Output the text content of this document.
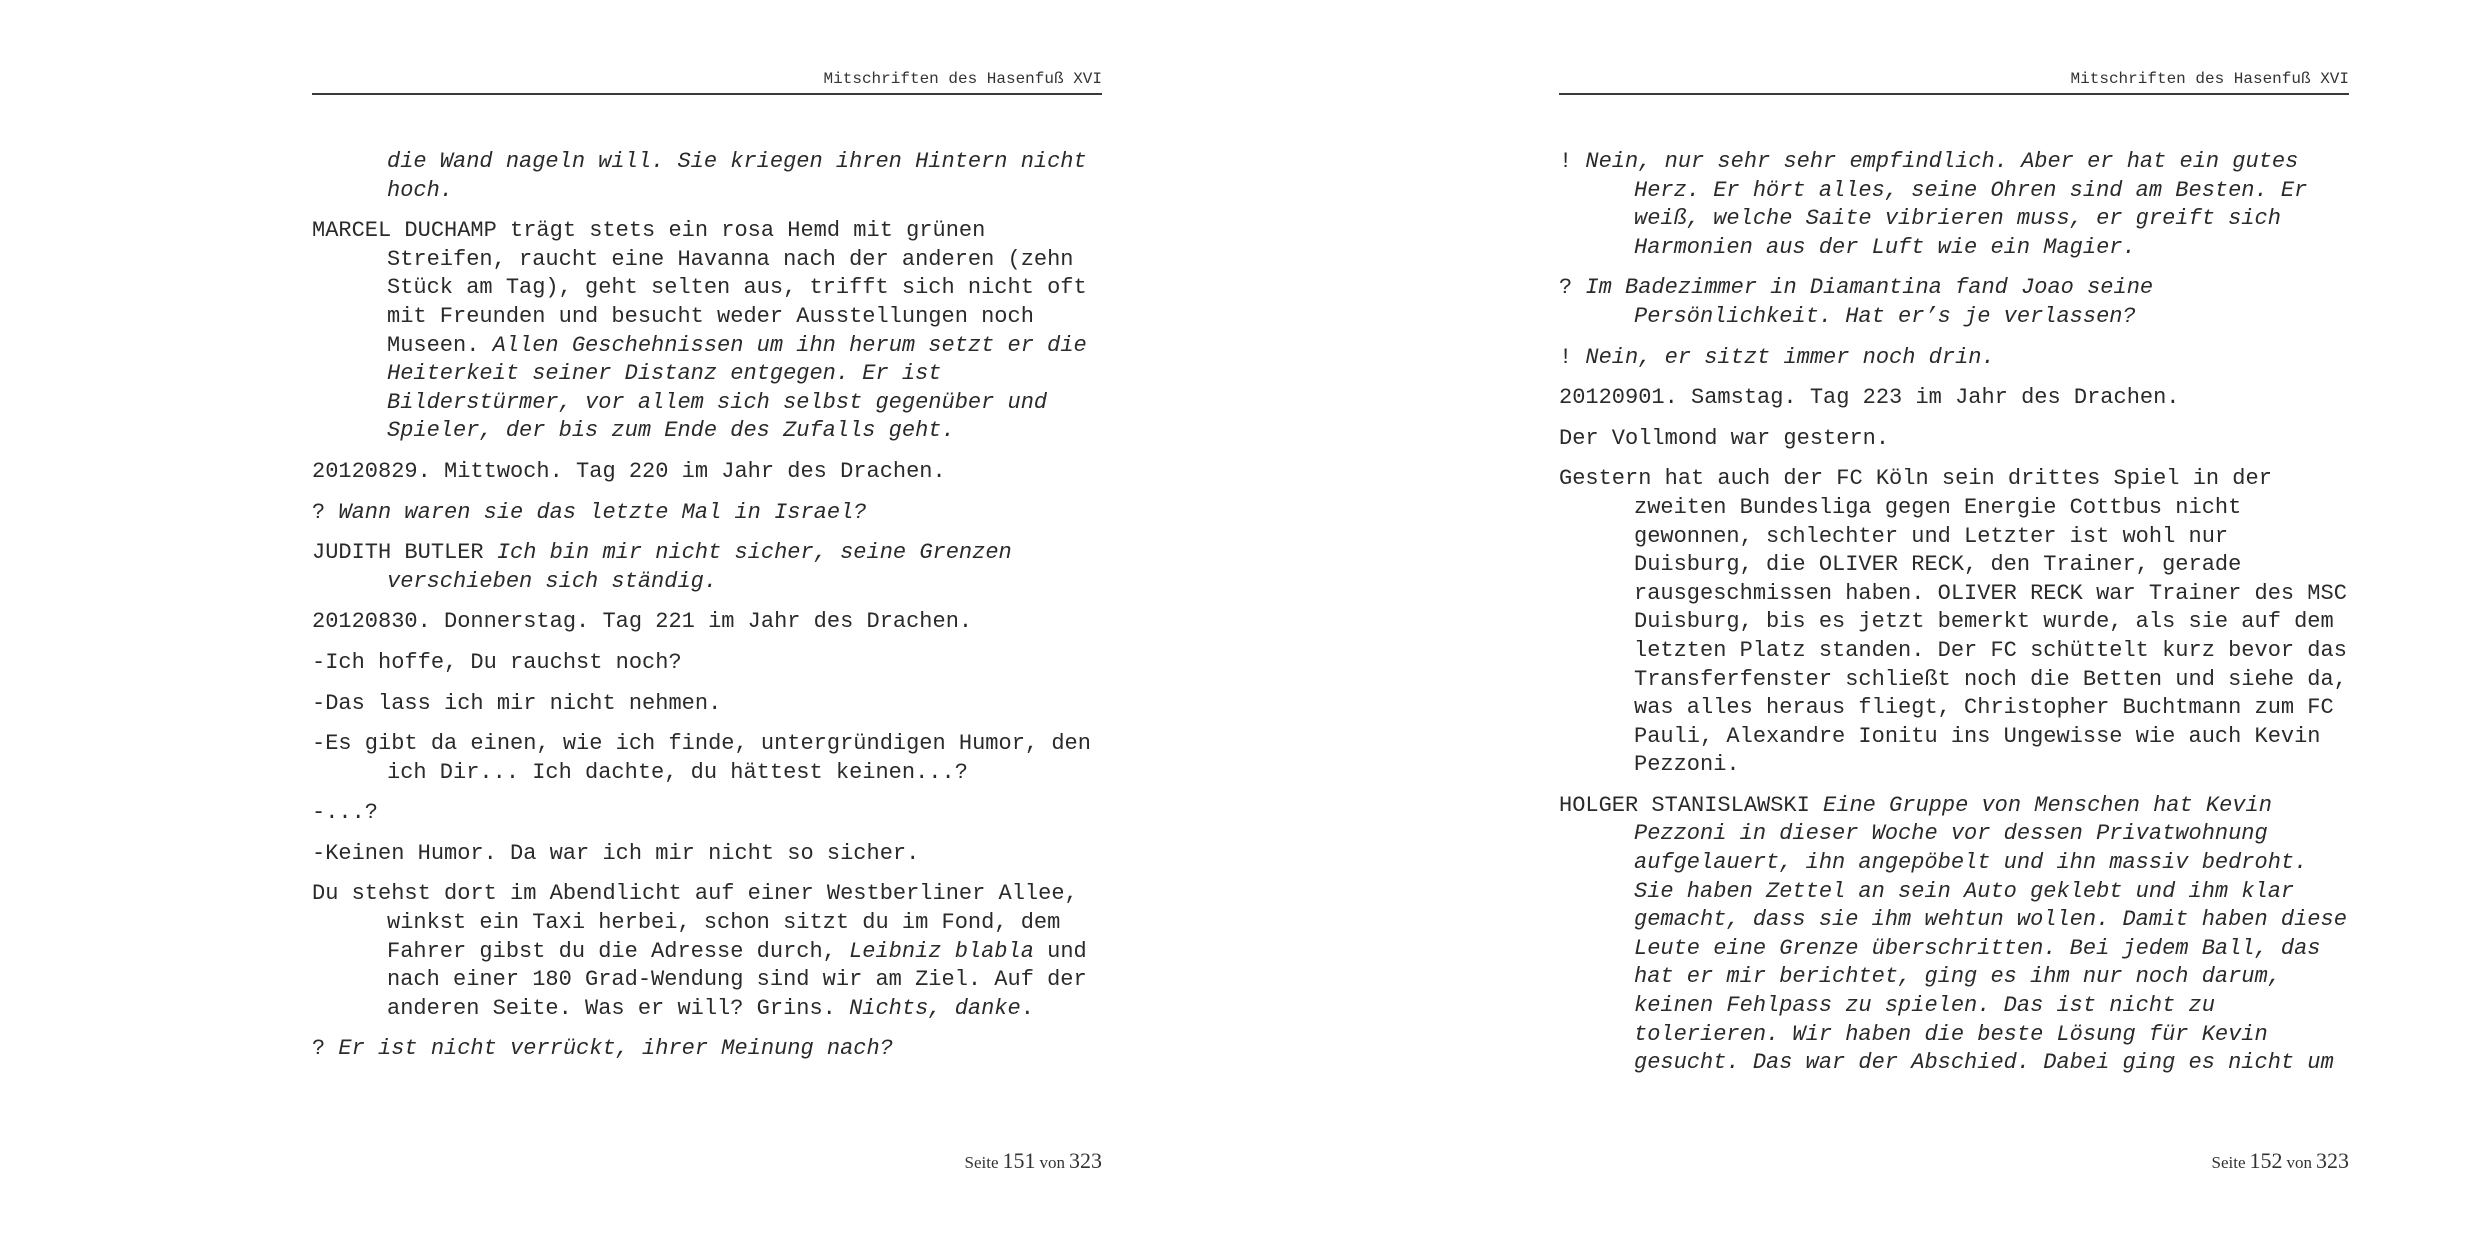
Mitschriften des Hasenfuß XVI

die Wand nageln will. Sie kriegen ihren Hintern nicht hoch.

MARCEL DUCHAMP trägt stets ein rosa Hemd mit grünen Streifen, raucht eine Havanna nach der anderen (zehn Stück am Tag), geht selten aus, trifft sich nicht oft mit Freunden und besucht weder Ausstellungen noch Museen. Allen Geschehnissen um ihn herum setzt er die Heiterkeit seiner Distanz entgegen. Er ist Bilderstürmer, vor allem sich selbst gegenüber und Spieler, der bis zum Ende des Zufalls geht.

20120829. Mittwoch. Tag 220 im Jahr des Drachen.

? Wann waren sie das letzte Mal in Israel?

JUDITH BUTLER Ich bin mir nicht sicher, seine Grenzen verschieben sich ständig.

20120830. Donnerstag. Tag 221 im Jahr des Drachen.

-Ich hoffe, Du rauchst noch?

-Das lass ich mir nicht nehmen.

-Es gibt da einen, wie ich finde, untergründigen Humor, den ich Dir... Ich dachte, du hättest keinen...?

-...?

-Keinen Humor. Da war ich mir nicht so sicher.

Du stehst dort im Abendlicht auf einer Westberliner Allee, winkst ein Taxi herbei, schon sitzt du im Fond, dem Fahrer gibst du die Adresse durch, Leibniz blabla und nach einer 180 Grad-Wendung sind wir am Ziel. Auf der anderen Seite. Was er will? Grins. Nichts, danke.

? Er ist nicht verrückt, ihrer Meinung nach?

Seite 151 von 323
Mitschriften des Hasenfuß XVI

! Nein, nur sehr sehr empfindlich. Aber er hat ein gutes Herz. Er hört alles, seine Ohren sind am Besten. Er weiß, welche Saite vibrieren muss, er greift sich Harmonien aus der Luft wie ein Magier.

? Im Badezimmer in Diamantina fand Joao seine Persönlichkeit. Hat er’s je verlassen?

! Nein, er sitzt immer noch drin.

20120901. Samstag. Tag 223 im Jahr des Drachen.

Der Vollmond war gestern.

Gestern hat auch der FC Köln sein drittes Spiel in der zweiten Bundesliga gegen Energie Cottbus nicht gewonnen, schlechter und Letzter ist wohl nur Duisburg, die OLIVER RECK, den Trainer, gerade rausgeschmissen haben. OLIVER RECK war Trainer des MSC Duisburg, bis es jetzt bemerkt wurde, als sie auf dem letzten Platz standen. Der FC schüttelt kurz bevor das Transferfenster schließt noch die Betten und siehe da, was alles heraus fliegt, Christopher Buchtmann zum FC Pauli, Alexandre Ionitu ins Ungewisse wie auch Kevin Pezzoni.

HOLGER STANISLAWSKI Eine Gruppe von Menschen hat Kevin Pezzoni in dieser Woche vor dessen Privatwohnung aufgelauert, ihn angepöbelt und ihn massiv bedroht. Sie haben Zettel an sein Auto geklebt und ihm klar gemacht, dass sie ihm wehtun wollen. Damit haben diese Leute eine Grenze überschritten. Bei jedem Ball, das hat er mir berichtet, ging es ihm nur noch darum, keinen Fehlpass zu spielen. Das ist nicht zu tolerieren. Wir haben die beste Lösung für Kevin gesucht. Das war der Abschied. Dabei ging es nicht um

Seite 152 von 323
